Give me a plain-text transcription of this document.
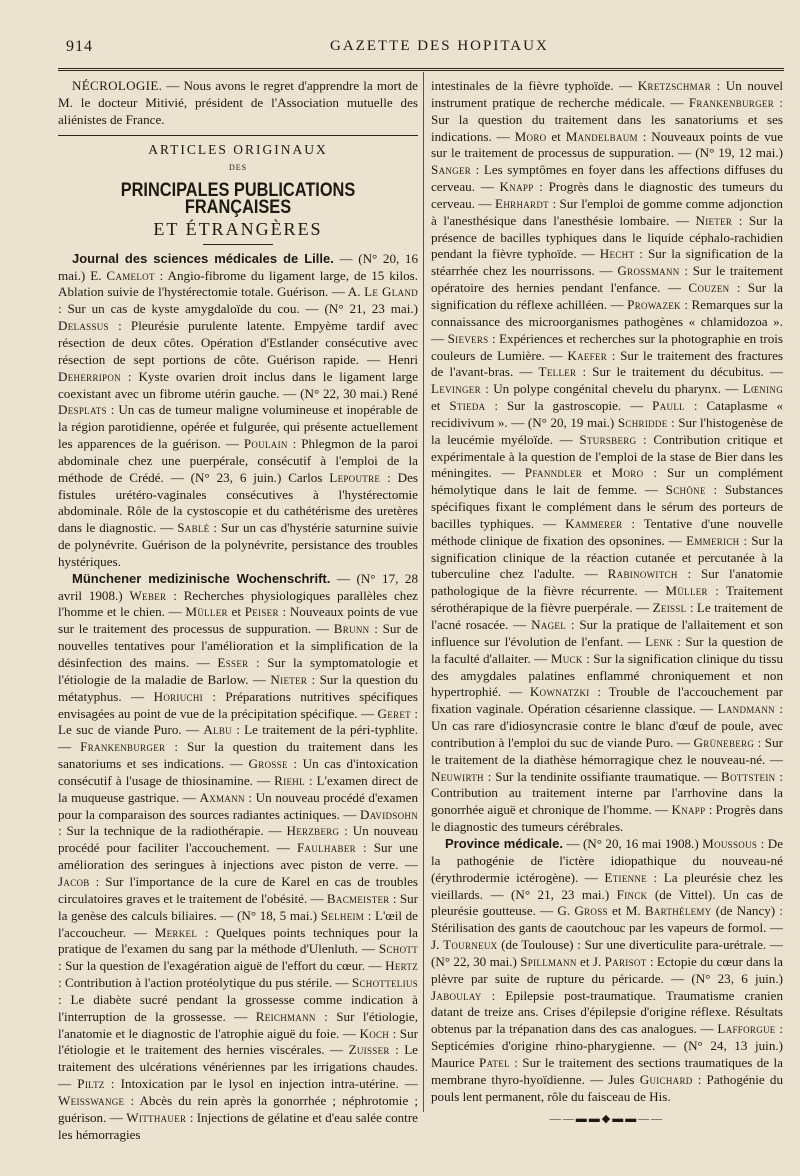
914	GAZETTE DES HOPITAUX

NÉCROLOGIE. — Nous avons le regret d'apprendre la mort de M. le docteur Mitivié, président de l'Association mutuelle des aliénistes de France.

ARTICLES ORIGINAUX
DES
PRINCIPALES PUBLICATIONS FRANÇAISES
ET ÉTRANGÈRES

Journal des sciences médicales de Lille. — (N° 20, 16 mai.) E. Camelot : Angio-fibrome du ligament large, de 15 kilos. Ablation suivie de l'hystérectomie totale. Guérison. — A. Le Gland : Sur un cas de kyste amygdaloïde du cou. — (N° 21, 23 mai.) Delassus : Pleurésie purulente latente. Empyème tardif avec résection de deux côtes. Opération d'Estlander consécutive avec résection de sept portions de côte. Guérison rapide. — Henri Deherripon : Kyste ovarien droit inclus dans le ligament large coexistant avec un fibrome utérin gauche. — (N° 22, 30 mai.) René Desplats : Un cas de tumeur maligne volumineuse et inopérable de la région parotidienne, opérée et fulgurée, qui présente actuellement les apparences de la guérison. — Poulain : Phlegmon de la paroi abdominale chez une puerpérale, consécutif à l'emploi de la méthode de Crédé. — (N° 23, 6 juin.) Carlos Lepoutre : Des fistules urétéro-vaginales consécutives à l'hystérectomie abdominale. Rôle de la cystoscopie et du cathétérisme des uretères dans le diagnostic. — Sablé : Sur un cas d'hystérie saturnine suivie de polynévrite. Guérison de la polynévrite, persistance des troubles hystériques.

Münchener medizinische Wochenschrift. — (N° 17, 28 avril 1908.) Weber : Recherches physiologiques parallèles chez l'homme et le chien. — Müller et Peiser : Nouveaux points de vue sur le traitement des processus de suppuration. — Brunn : Sur de nouvelles tentatives pour l'amélioration et la simplification de la désinfection des mains. — Esser : Sur la symptomatologie et l'étiologie de la maladie de Barlow. — Nieter : Sur la question du métatyphus. — Horiuchi : Préparations nutritives spécifiques envisagées au point de vue de la précipitation spécifique. — Geret : Le suc de viande Puro. — Albu : Le traitement de la péri-typhlite. — Frankenburger : Sur la question du traitement dans les sanatoriums et ses indications. — Grosse : Un cas d'intoxication consécutif à l'usage de thiosinamine. — Riehl : L'examen direct de la muqueuse gastrique. — Axmann : Un nouveau procédé d'examen pour la comparaison des sources radiantes actiniques. — Davidsohn : Sur la technique de la radiothérapie. — Herzberg : Un nouveau procédé pour faciliter l'accouchement. — Faulhaber : Sur une amélioration des seringues à injections avec piston de verre. — Jacob : Sur l'importance de la cure de Karel en cas de troubles circulatoires graves et le traitement de l'obésité. — Bacmeister : Sur la genèse des calculs biliaires. — (N° 18, 5 mai.) Selheim : L'œil de l'accoucheur. — Merkel : Quelques points techniques pour la pratique de l'examen du sang par la méthode d'Ulenluth. — Schott : Sur la question de l'exagération aiguë de l'effort du cœur. — Hertz : Contribution à l'action protéolytique du pus stérile. — Schottelius : Le diabète sucré pendant la grossesse comme indication à l'interruption de la grossesse. — Reichmann : Sur l'étiologie, l'anatomie et le diagnostic de l'atrophie aiguë du foie. — Koch : Sur l'étiologie et le traitement des hernies viscérales. — Zuisser : Le traitement des ulcérations vénériennes par les irrigations chaudes. — Piltz : Intoxication par le lysol en injection intra-utérine. — Weisswange : Abcès du rein après la gonorrhée ; néphrotomie ; guérison. — Witthauer : Injections de gélatine et d'eau salée contre les hémorragies

intestinales de la fièvre typhoïde. — Kretzschmar : Un nouvel instrument pratique de recherche médicale. — Frankenburger : Sur la question du traitement dans les sanatoriums et ses indications. — Moro et Mandelbaum : Nouveaux points de vue sur le traitement de processus de suppuration. — (N° 19, 12 mai.) Sanger : Les symptômes en foyer dans les affections diffuses du cerveau. — Knapp : Progrès dans le diagnostic des tumeurs du cerveau. — Ehrhardt : Sur l'emploi de gomme comme adjonction à l'anesthésique dans l'anesthésie lombaire. — Nieter : Sur la présence de bacilles typhiques dans le liquide céphalo-rachidien pendant la fièvre typhoïde. — Hecht : Sur la signification de la stéarrhée chez les nourrissons. — Grossmann : Sur le traitement opératoire des hernies pendant l'enfance. — Couzen : Sur la signification du réflexe achilléen. — Prowazek : Remarques sur la connaissance des microorganismes pathogènes « chlamidozoa ». — Sievers : Expériences et recherches sur la photographie en trois couleurs de Lumière. — Kaefer : Sur le traitement des fractures de l'avant-bras. — Teller : Sur le traitement du décubitus. — Levinger : Un polype congénital chevelu du pharynx. — Lœning et Stieda : Sur la gastroscopie. — Paull : Cataplasme « recidivivum ». — (N° 20, 19 mai.) Schridde : Sur l'histogenèse de la leucémie myéloïde. — Stursberg : Contribution critique et expérimentale à la question de l'emploi de la stase de Bier dans les méningites. — Pfanndler et Moro : Sur un complément hémolytique dans le lait de femme. — Schöne : Substances spécifiques fixant le complément dans le sérum des porteurs de bacilles typhiques. — Kammerer : Tentative d'une nouvelle méthode clinique de fixation des opsonines. — Emmerich : Sur la signification clinique de la réaction cutanée et percutanée à la tuberculine chez l'adulte. — Rabinowitch : Sur l'anatomie pathologique de la fièvre récurrente. — Müller : Traitement sérothérapique de la fièvre puerpérale. — Zeissl : Le traitement de l'acné rosacée. — Nagel : Sur la pratique de l'allaitement et son influence sur l'évolution de l'enfant. — Lenk : Sur la question de la faculté d'allaiter. — Muck : Sur la signification clinique du tissu des amygdales palatines enflammé chroniquement et non hypertrophié. — Kownatzki : Trouble de l'accouchement par fixation vaginale. Opération césarienne classique. — Landmann : Un cas rare d'idiosyncrasie contre le blanc d'œuf de poule, avec contribution à l'emploi du suc de viande Puro. — Grüneberg : Sur le traitement de la diathèse hémorragique chez le nouveau-né. — Neuwirth : Sur la tendinite ossifiante traumatique. — Bottstein : Contribution au traitement interne par l'arrhovine dans la gonorrhée aiguë et chronique de l'homme. — Knapp : Progrès dans le diagnostic des tumeurs cérébrales.

Province médicale. — (N° 20, 16 mai 1908.) Moussous : De la pathogénie de l'ictère idiopathique du nouveau-né (érythrodermie ictérogène). — Etienne : La pleurésie chez les vieillards. — (N° 21, 23 mai.) Finck (de Vittel). Un cas de pleurésie goutteuse. — G. Gross et M. Barthélemy (de Nancy) : Stérilisation des gants de caoutchouc par les vapeurs de formol. — J. Tourneux (de Toulouse) : Sur une diverticulite para-urétrale. — (N° 22, 30 mai.) Spillmann et J. Parisot : Ectopie du cœur dans la plèvre par suite de rupture du péricarde. — (N° 23, 6 juin.) Jaboulay : Epilepsie post-traumatique. Traumatisme cranien datant de treize ans. Crises d'épilepsie d'origine réflexe. Résultats obtenus par la trépanation dans des cas analogues. — Lafforgue : Septicémies d'origine rhino-pharygienne. — (N° 24, 13 juin.) Maurice Patel : Sur le traitement des sections traumatiques de la membrane thyro-hyoïdienne. — Jules Guichard : Pathogénie du pouls lent permanent, rôle du faisceau de His.

——▬▬◆▬▬——
